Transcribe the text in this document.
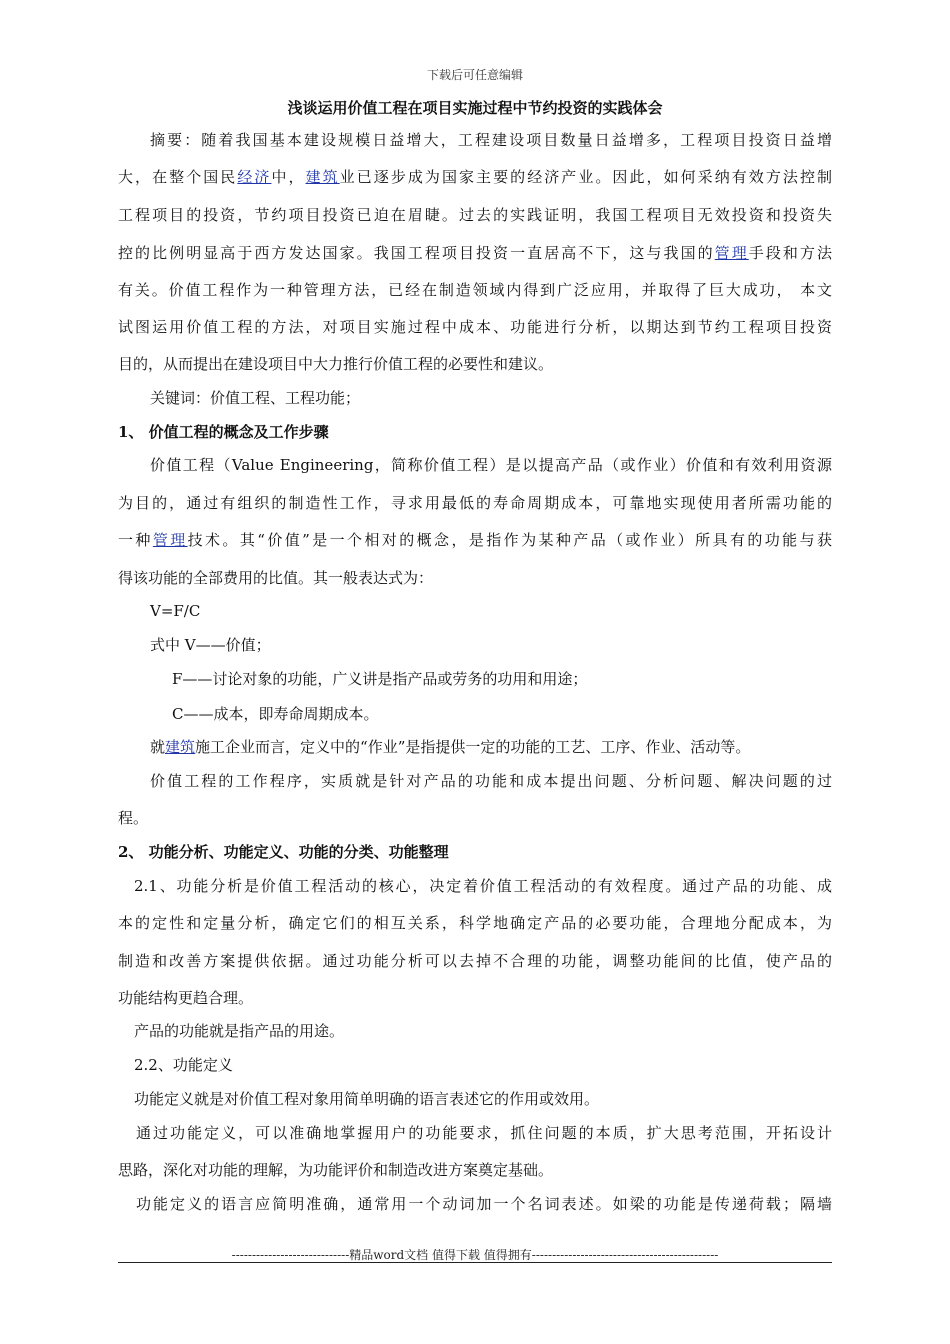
下载后可任意编辑
浅谈运用价值工程在项目实施过程中节约投资的实践体会
摘要：随着我国基本建设规模日益增大，工程建设项目数量日益增多，工程项目投资日益增
大，在整个国民经济中，建筑业已逐步成为国家主要的经济产业。因此，如何采纳有效方法控制
工程项目的投资，节约项目投资已迫在眉睫。过去的实践证明，我国工程项目无效投资和投资失
控的比例明显高于西方发达国家。我国工程项目投资一直居高不下，这与我国的管理手段和方法
有关。价值工程作为一种管理方法，已经在制造领域内得到广泛应用，并取得了巨大成功， 本文
试图运用价值工程的方法，对项目实施过程中成本、功能进行分析，以期达到节约工程项目投资
目的，从而提出在建设项目中大力推行价值工程的必要性和建议。
关键词：价值工程、工程功能；
1、 价值工程的概念及工作步骤
价值工程（Value Engineering，简称价值工程）是以提高产品（或作业）价值和有效利用资源
为目的，通过有组织的制造性工作，寻求用最低的寿命周期成本，可靠地实现使用者所需功能的
一种管理技术。其“价值”是一个相对的概念，是指作为某种产品（或作业）所具有的功能与获
得该功能的全部费用的比值。其一般表达式为：
V=F/C
式中 V——价值；
F——讨论对象的功能，广义讲是指产品或劳务的功用和用途；
C——成本，即寿命周期成本。
就建筑施工企业而言，定义中的“作业”是指提供一定的功能的工艺、工序、作业、活动等。
价值工程的工作程序，实质就是针对产品的功能和成本提出问题、分析问题、解决问题的过
程。
2、 功能分析、功能定义、功能的分类、功能整理
2.1、功能分析是价值工程活动的核心，决定着价值工程活动的有效程度。通过产品的功能、成
本的定性和定量分析，确定它们的相互关系，科学地确定产品的必要功能，合理地分配成本，为
制造和改善方案提供依据。通过功能分析可以去掉不合理的功能，调整功能间的比值，使产品的
功能结构更趋合理。
产品的功能就是指产品的用途。
2.2、功能定义
功能定义就是对价值工程对象用简单明确的语言表述它的作用或效用。
通过功能定义，可以准确地掌握用户的功能要求，抓住问题的本质，扩大思考范围，开拓设计
思路，深化对功能的理解，为功能评价和制造改进方案奠定基础。
功能定义的语言应简明准确，通常用一个动词加一个名词表述。如梁的功能是传递荷载；隔墙
-----------------------------精品word文档 值得下载 值得拥有----------------------------------------------
